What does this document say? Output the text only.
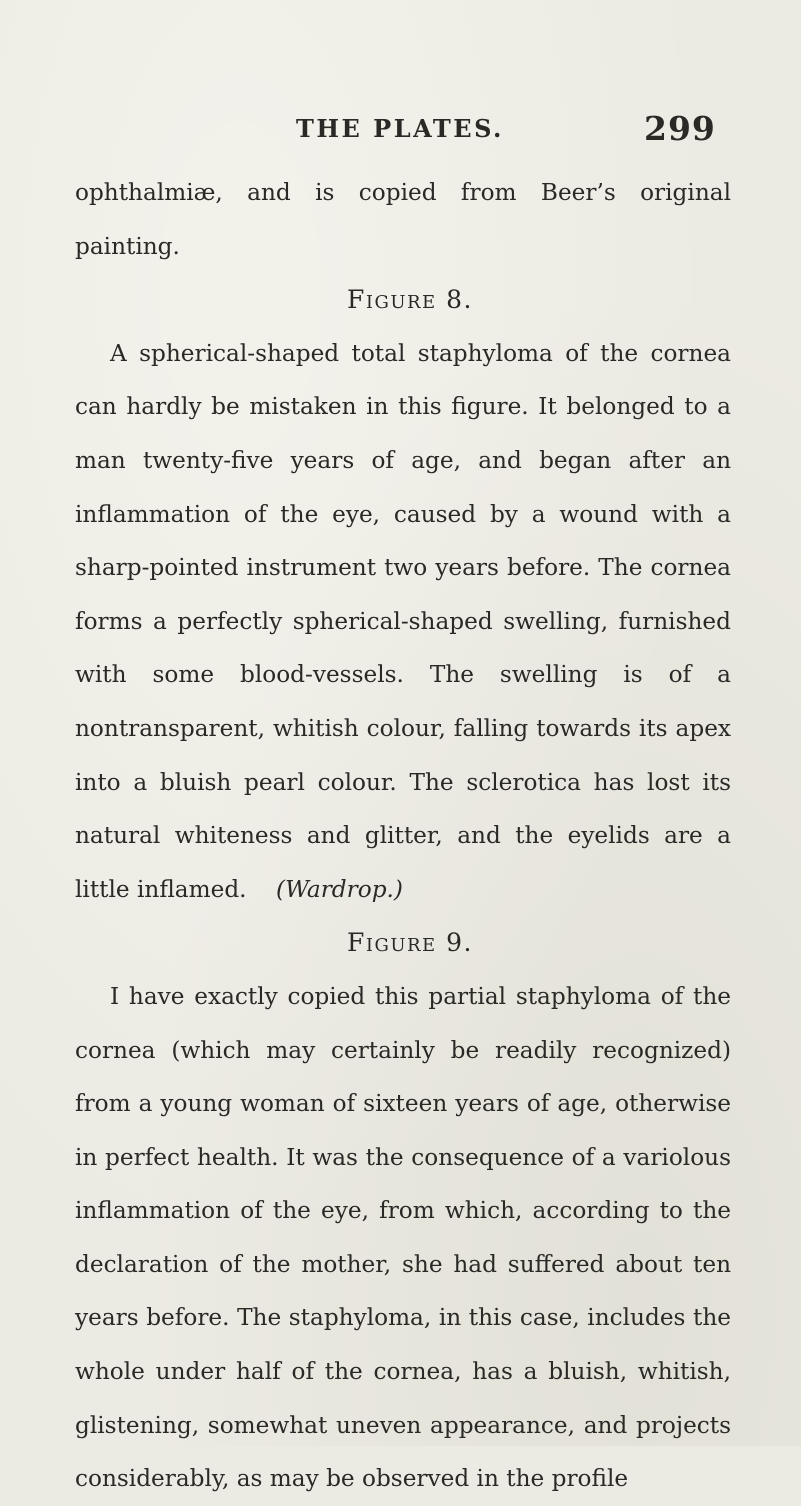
THE PLATES.	299

ophthalmiæ, and is copied from Beer’s original painting.

Figure 8.

A spherical-shaped total staphyloma of the cornea can hardly be mistaken in this figure. It belonged to a man twenty-five years of age, and began after an inflammation of the eye, caused by a wound with a sharp-pointed instrument two years before. The cornea forms a perfectly spherical-shaped swelling, furnished with some blood-vessels. The swelling is of a nontransparent, whitish colour, falling towards its apex into a bluish pearl colour. The sclerotica has lost its natural whiteness and glitter, and the eyelids are a little inflamed. (Wardrop.)

Figure 9.

I have exactly copied this partial staphyloma of the cornea (which may certainly be readily recognized) from a young woman of sixteen years of age, otherwise in perfect health. It was the consequence of a variolous inflammation of the eye, from which, according to the declaration of the mother, she had suffered about ten years before. The staphyloma, in this case, includes the whole under half of the cornea, has a bluish, whitish, glistening, somewhat uneven appearance, and projects considerably, as may be observed in the profile
